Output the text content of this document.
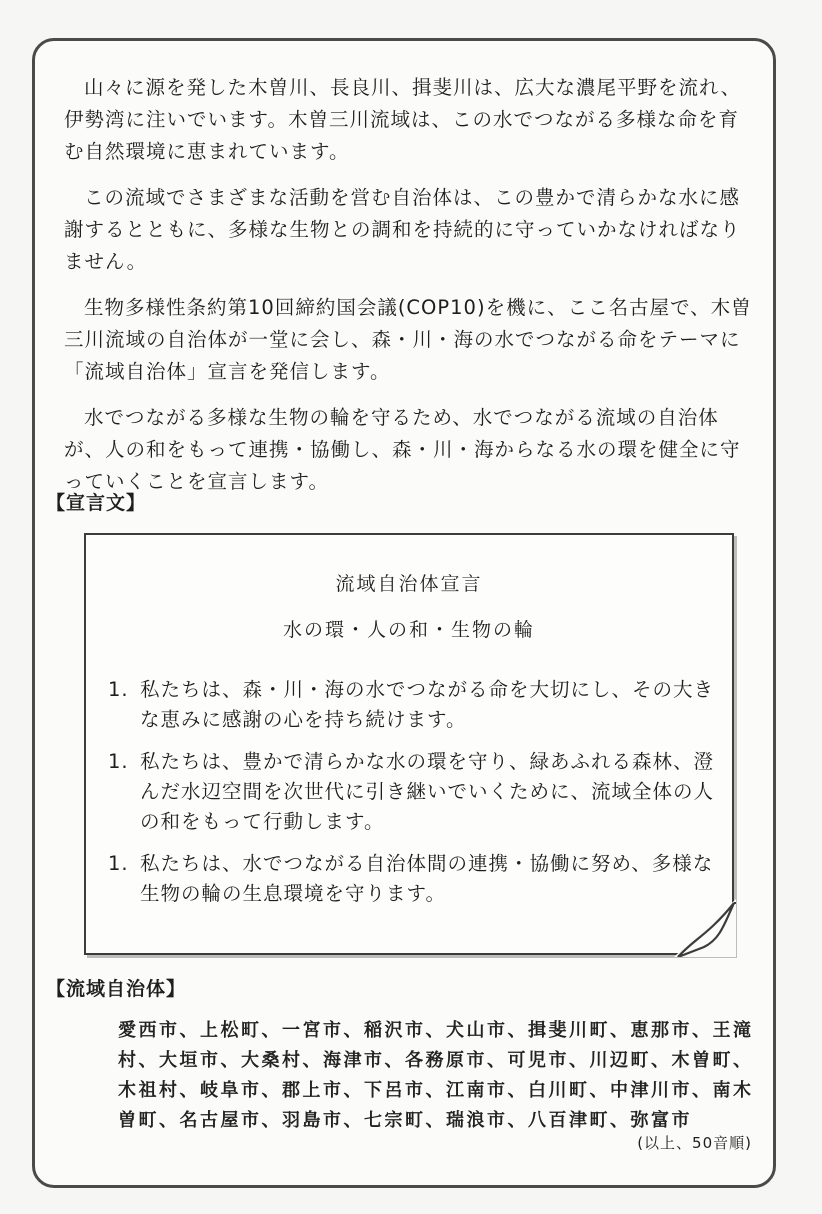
山々に源を発した木曽川、長良川、揖斐川は、広大な濃尾平野を流れ、伊勢湾に注いでいます。木曽三川流域は、この水でつながる多様な命を育む自然環境に恵まれています。

この流域でさまざまな活動を営む自治体は、この豊かで清らかな水に感謝するとともに、多様な生物との調和を持続的に守っていかなければなりません。

生物多様性条約第10回締約国会議(COP10)を機に、ここ名古屋で、木曽三川流域の自治体が一堂に会し、森・川・海の水でつながる命をテーマに「流域自治体」宣言を発信します。

水でつながる多様な生物の輪を守るため、水でつながる流域の自治体が、人の和をもって連携・協働し、森・川・海からなる水の環を健全に守っていくことを宣言します。

【宣言文】
流域自治体宣言
水の環・人の和・生物の輪
1. 私たちは、森・川・海の水でつながる命を大切にし、その大きな恵みに感謝の心を持ち続けます。
1. 私たちは、豊かで清らかな水の環を守り、緑あふれる森林、澄んだ水辺空間を次世代に引き継いでいくために、流域全体の人の和をもって行動します。
1. 私たちは、水でつながる自治体間の連携・協働に努め、多様な生物の輪の生息環境を守ります。
【流域自治体】
愛西市、上松町、一宮市、稲沢市、犬山市、揖斐川町、恵那市、王滝村、大垣市、大桑村、海津市、各務原市、可児市、川辺町、木曽町、木祖村、岐阜市、郡上市、下呂市、江南市、白川町、中津川市、南木曽町、名古屋市、羽島市、七宗町、瑞浪市、八百津町、弥富市
(以上、50音順)
